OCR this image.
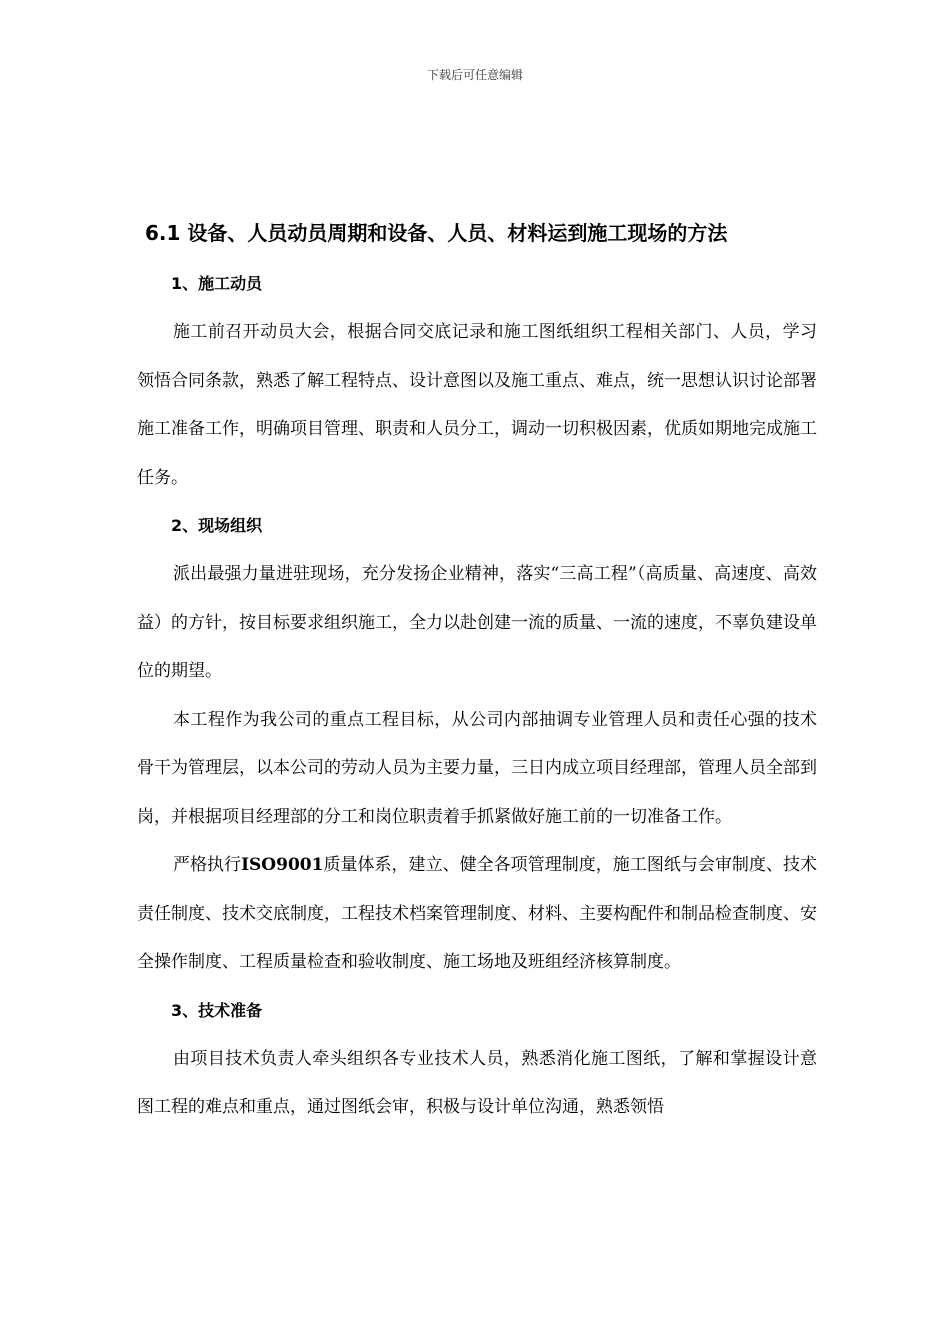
下载后可任意编辑
6.1 设备、人员动员周期和设备、人员、材料运到施工现场的方法
1、施工动员

施工前召开动员大会，根据合同交底记录和施工图纸组织工程相关部门、人员，学习领悟合同条款，熟悉了解工程特点、设计意图以及施工重点、难点，统一思想认识讨论部署施工准备工作，明确项目管理、职责和人员分工，调动一切积极因素，优质如期地完成施工任务。

2、现场组织

派出最强力量进驻现场，充分发扬企业精神，落实“三高工程”（高质量、高速度、高效益）的方针，按目标要求组织施工，全力以赴创建一流的质量、一流的速度，不辜负建设单位的期望。

本工程作为我公司的重点工程目标，从公司内部抽调专业管理人员和责任心强的技术骨干为管理层，以本公司的劳动人员为主要力量，三日内成立项目经理部，管理人员全部到岗，并根据项目经理部的分工和岗位职责着手抓紧做好施工前的一切准备工作。

严格执行ISO9001质量体系，建立、健全各项管理制度，施工图纸与会审制度、技术责任制度、技术交底制度，工程技术档案管理制度、材料、主要构配件和制品检查制度、安全操作制度、工程质量检查和验收制度、施工场地及班组经济核算制度。

3、技术准备

由项目技术负责人牵头组织各专业技术人员，熟悉消化施工图纸，了解和掌握设计意图工程的难点和重点，通过图纸会审，积极与设计单位沟通，熟悉领悟
